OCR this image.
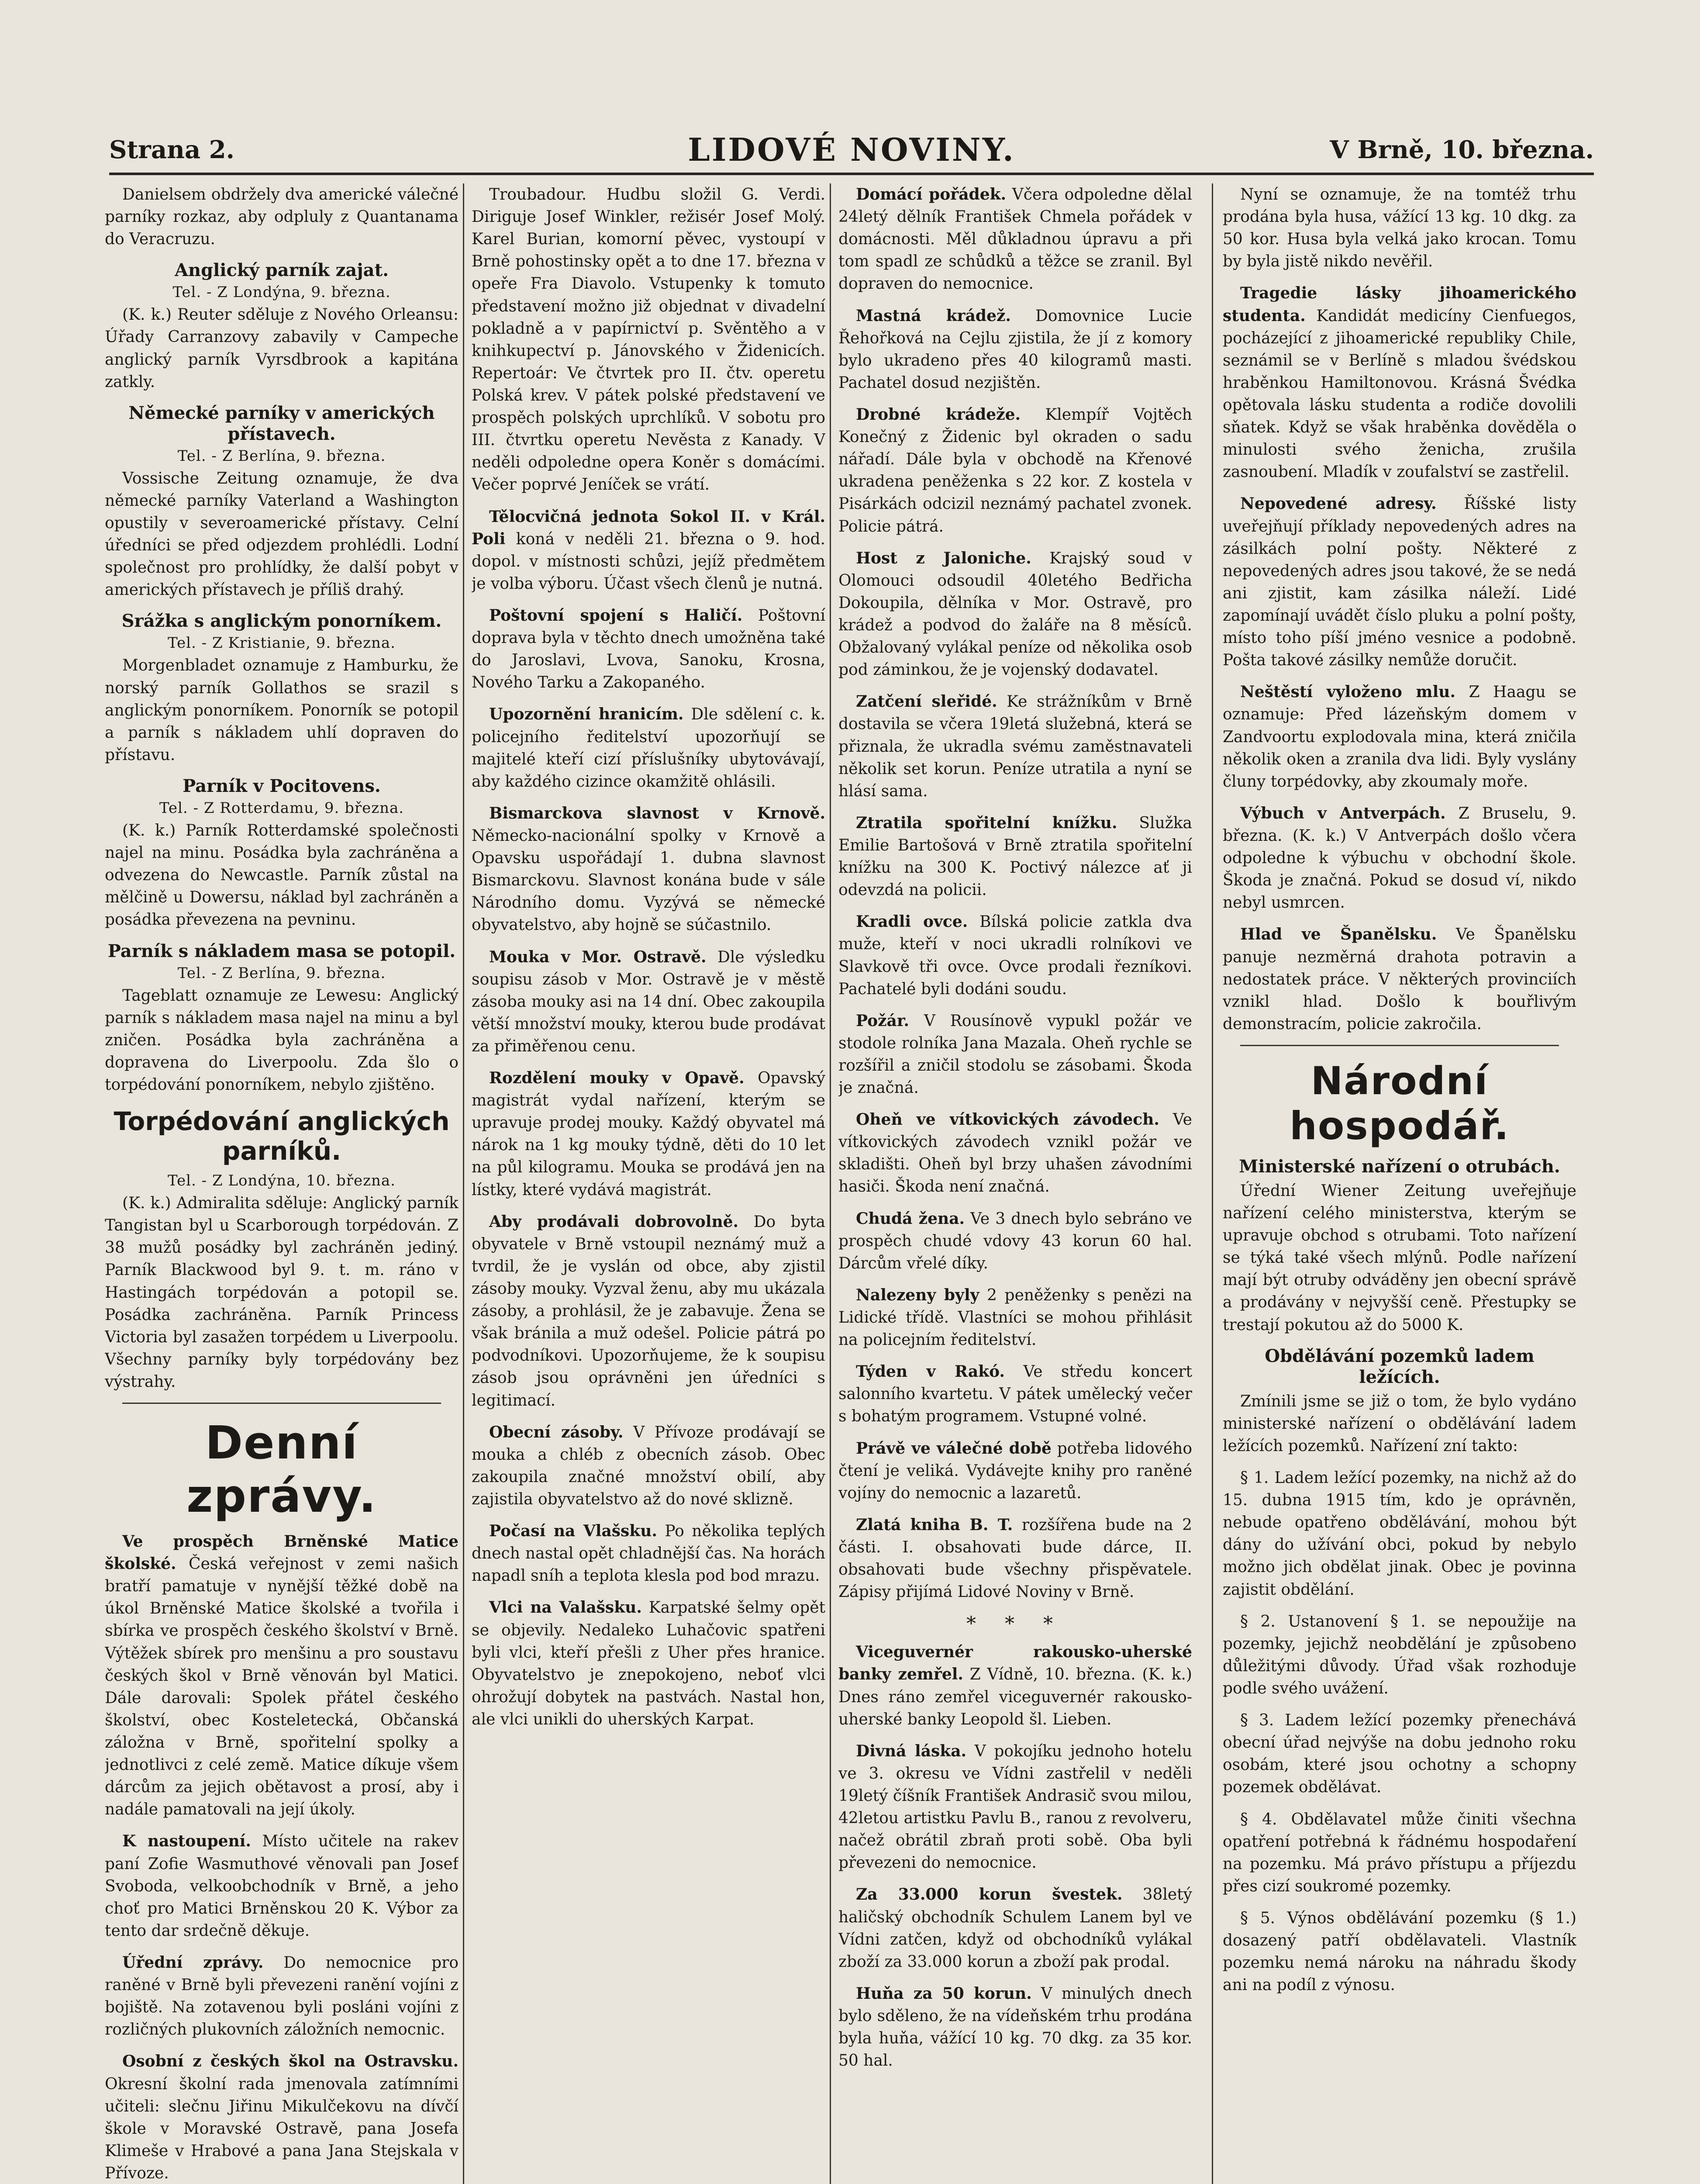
Strana 2.	LIDOVÉ NOVINY.	V Brně, 10. března.

Danielsem obdržely dva americké válečné parníky rozkaz, aby odpluly z Quantanama do Veracruzu.

Anglický parník zajat.
Tel. - Z Londýna, 9. března.

(K. k.) Reuter sděluje z Nového Orleansu: Úřady Carranzovy zabavily v Campeche anglický parník Vyrsdbrook a kapitána zatkly.

Německé parníky v amerických přístavech.
Tel. - Z Berlína, 9. března.

Vossische Zeitung oznamuje, že dva německé parníky Vaterland a Washington opustily v severoamerické přístavy. Celní úředníci se před odjezdem prohlédli. Lodní společnost pro prohlídky, že další pobyt v amerických přístavech je příliš drahý.

Srážka s anglickým ponorníkem.
Tel. - Z Kristianie, 9. března.

Morgenbladet oznamuje z Hamburku, že norský parník Gollathos se srazil s anglickým ponorníkem. Ponorník se potopil a parník s nákladem uhlí dopraven do přístavu.

Parník v Pocitovens.
Tel. - Z Rotterdamu, 9. března.

(K. k.) Parník Rotterdamské společnosti najel na minu. Posádka byla zachráněna a odvezena do Newcastle. Parník zůstal na mělčině u Dowersu, náklad byl zachráněn a posádka převezena na pevninu.

Parník s nákladem masa se potopil.
Tel. - Z Berlína, 9. března.

Tageblatt oznamuje ze Lewesu: Anglický parník s nákladem masa najel na minu a byl zničen. Posádka byla zachráněna a dopravena do Liverpoolu. Zda šlo o torpédování ponorníkem, nebylo zjištěno.

Torpédování anglických parníků.
Tel. - Z Londýna, 10. března.

(K. k.) Admiralita sděluje: Anglický parník Tangistan byl u Scarborough torpédován. Z 38 mužů posádky byl zachráněn jediný. Parník Blackwood byl 9. t. m. ráno v Hastingách torpédován a potopil se. Posádka zachráněna. Parník Princess Victoria byl zasažen torpédem u Liverpoolu. Všechny parníky byly torpédovány bez výstrahy.

Denní zprávy.

Ve prospěch Brněnské Matice školské. Česká veřejnost v zemi našich bratří pamatuje v nynější těžké době na úkol Brněnské Matice školské a tvořila i sbírka ve prospěch českého školství v Brně. Výtěžek sbírek pro menšinu a pro soustavu českých škol v Brně věnován byl Matici. Dále darovali: Spolek přátel českého školství, obec Kosteletecká, Občanská záložna v Brně, spořitelní spolky a jednotlivci z celé země. Matice díkuje všem dárcům za jejich obětavost a prosí, aby i nadále pamatovali na její úkoly.

K nastoupení. Místo učitele na rakev paní Zofie Wasmuthové věnovali pan Josef Svoboda, velkoobchodník v Brně, a jeho choť pro Matici Brněnskou 20 K. Výbor za tento dar srdečně děkuje.

Úřední zprávy. Do nemocnice pro raněné v Brně byli převezeni ranění vojíni z bojiště. Na zotavenou byli posláni vojíni z rozličných plukovních záložních nemocnic.

Osobní z českých škol na Ostravsku. Okresní školní rada jmenovala zatímními učiteli: slečnu Jiřinu Mikulčekovu na dívčí škole v Moravské Ostravě, pana Josefa Klimeše v Hrabové a pana Jana Stejskala v Přívoze.

Troubadour. Hudbu složil G. Verdi. Diriguje Josef Winkler, režisér Josef Molý. Karel Burian, komorní pěvec, vystoupí v Brně pohostinsky opět a to dne 17. března v opeře Fra Diavolo. Vstupenky k tomuto představení možno již objednat v divadelní pokladně a v papírnictví p. Svěntěho a v knihkupectví p. Jánovského v Židenicích. Repertoár: Ve čtvrtek pro II. čtv. operetu Polská krev. V pátek polské představení ve prospěch polských uprchlíků. V sobotu pro III. čtvrtku operetu Nevěsta z Kanady. V neděli odpoledne opera Koněr s domácími. Večer poprvé Jeníček se vrátí.

Tělocvičná jednota Sokol II. v Král. Poli koná v neděli 21. března o 9. hod. dopol. v místnosti schůzi, jejíž předmětem je volba výboru. Účast všech členů je nutná.

Poštovní spojení s Haličí. Poštovní doprava byla v těchto dnech umožněna také do Jaroslavi, Lvova, Sanoku, Krosna, Nového Tarku a Zakopaného.

Upozornění hranicím. Dle sdělení c. k. policejního ředitelství upozorňují se majitelé kteří cizí příslušníky ubytovávají, aby každého cizince okamžitě ohlásili.

Bismarckova slavnost v Krnově. Německo-nacionální spolky v Krnově a Opavsku uspořádají 1. dubna slavnost Bismarckovu. Slavnost konána bude v sále Národního domu. Vyzývá se německé obyvatelstvo, aby hojně se súčastnilo.

Mouka v Mor. Ostravě. Dle výsledku soupisu zásob v Mor. Ostravě je v městě zásoba mouky asi na 14 dní. Obec zakoupila větší množství mouky, kterou bude prodávat za přiměřenou cenu.

Rozdělení mouky v Opavě. Opavský magistrát vydal nařízení, kterým se upravuje prodej mouky. Každý obyvatel má nárok na 1 kg mouky týdně, děti do 10 let na půl kilogramu. Mouka se prodává jen na lístky, které vydává magistrát.

Aby prodávali dobrovolně. Do byta obyvatele v Brně vstoupil neznámý muž a tvrdil, že je vyslán od obce, aby zjistil zásoby mouky. Vyzval ženu, aby mu ukázala zásoby, a prohlásil, že je zabavuje. Žena se však bránila a muž odešel. Policie pátrá po podvodníkovi. Upozorňujeme, že k soupisu zásob jsou oprávněni jen úředníci s legitimací.

Obecní zásoby. V Přívoze prodávají se mouka a chléb z obecních zásob. Obec zakoupila značné množství obilí, aby zajistila obyvatelstvo až do nové sklizně.

Počasí na Vlašsku. Po několika teplých dnech nastal opět chladnější čas. Na horách napadl sníh a teplota klesla pod bod mrazu.

Vlci na Valašsku. Karpatské šelmy opět se objevily. Nedaleko Luhačovic spatřeni byli vlci, kteří přešli z Uher přes hranice. Obyvatelstvo je znepokojeno, neboť vlci ohrožují dobytek na pastvách. Nastal hon, ale vlci unikli do uherských Karpat.

Domácí pořádek. Včera odpoledne dělal 24letý dělník František Chmela pořádek v domácnosti. Měl důkladnou úpravu a při tom spadl ze schůdků a těžce se zranil. Byl dopraven do nemocnice.

Mastná krádež. Domovnice Lucie Řehořková na Cejlu zjistila, že jí z komory bylo ukradeno přes 40 kilogramů masti. Pachatel dosud nezjištěn.

Drobné krádeže. Klempíř Vojtěch Konečný z Židenic byl okraden o sadu nářadí. Dále byla v obchodě na Křenové ukradena peněženka s 22 kor. Z kostela v Pisárkách odcizil neznámý pachatel zvonek. Policie pátrá.

Host z Jaloniche. Krajský soud v Olomouci odsoudil 40letého Bedřicha Dokoupila, dělníka v Mor. Ostravě, pro krádež a podvod do žaláře na 8 měsíců. Obžalovaný vylákal peníze od několika osob pod záminkou, že je vojenský dodavatel.

Zatčení sleřidé. Ke strážníkům v Brně dostavila se včera 19letá služebná, která se přiznala, že ukradla svému zaměstnavateli několik set korun. Peníze utratila a nyní se hlásí sama.

Ztratila spořitelní knížku. Služka Emilie Bartošová v Brně ztratila spořitelní knížku na 300 K. Poctivý nálezce ať ji odevzdá na policii.

Kradli ovce. Bílská policie zatkla dva muže, kteří v noci ukradli rolníkovi ve Slavkově tři ovce. Ovce prodali řezníkovi. Pachatelé byli dodáni soudu.

Požár. V Rousínově vypukl požár ve stodole rolníka Jana Mazala. Oheň rychle se rozšířil a zničil stodolu se zásobami. Škoda je značná.

Oheň ve vítkovických závodech. Ve vítkovických závodech vznikl požár ve skladišti. Oheň byl brzy uhašen závodními hasiči. Škoda není značná.

Chudá žena. Ve 3 dnech bylo sebráno ve prospěch chudé vdovy 43 korun 60 hal. Dárcům vřelé díky.

Nalezeny byly 2 peněženky s penězi na Lidické třídě. Vlastníci se mohou přihlásit na policejním ředitelství.

Týden v Rakó. Ve středu koncert salonního kvartetu. V pátek umělecký večer s bohatým programem. Vstupné volné.

Právě ve válečné době potřeba lidového čtení je veliká. Vydávejte knihy pro raněné vojíny do nemocnic a lazaretů.

Zlatá kniha B. T. rozšířena bude na 2 části. I. obsahovati bude dárce, II. obsahovati bude všechny přispěvatele. Zápisy přijímá Lidové Noviny v Brně.

* * *

Viceguvernér rakousko-uherské banky zemřel. Z Vídně, 10. března. (K. k.) Dnes ráno zemřel viceguvernér rakousko-uherské banky Leopold šl. Lieben.

Divná láska. V pokojíku jednoho hotelu ve 3. okresu ve Vídni zastřelil v neděli 19letý číšník František Andrasič svou milou, 42letou artistku Pavlu B., ranou z revolveru, načež obrátil zbraň proti sobě. Oba byli převezeni do nemocnice.

Za 33.000 korun švestek. 38letý haličský obchodník Schulem Lanem byl ve Vídni zatčen, když od obchodníků vylákal zboží za 33.000 korun a zboží pak prodal.

Huňa za 50 korun. V minulých dnech bylo sděleno, že na vídeňském trhu prodána byla huňa, vážící 10 kg. 70 dkg. za 35 kor. 50 hal.

Nyní se oznamuje, že na tomtéž trhu prodána byla husa, vážící 13 kg. 10 dkg. za 50 kor. Husa byla velká jako krocan. Tomu by byla jistě nikdo nevěřil.

Tragedie lásky jihoamerického studenta. Kandidát medicíny Cienfuegos, pocházející z jihoamerické republiky Chile, seznámil se v Berlíně s mladou švédskou hraběnkou Hamiltonovou. Krásná Švédka opětovala lásku studenta a rodiče dovolili sňatek. Když se však hraběnka dověděla o minulosti svého ženicha, zrušila zasnoubení. Mladík v zoufalství se zastřelil.

Nepovedené adresy. Říšské listy uveřejňují příklady nepovedených adres na zásilkách polní pošty. Některé z nepovedených adres jsou takové, že se nedá ani zjistit, kam zásilka náleží. Lidé zapomínají uvádět číslo pluku a polní pošty, místo toho píší jméno vesnice a podobně. Pošta takové zásilky nemůže doručit.

Neštěstí vyloženo mlu. Z Haagu se oznamuje: Před lázeňským domem v Zandvoortu explodovala mina, která zničila několik oken a zranila dva lidi. Byly vyslány čluny torpédovky, aby zkoumaly moře.

Výbuch v Antverpách. Z Bruselu, 9. března. (K. k.) V Antverpách došlo včera odpoledne k výbuchu v obchodní škole. Škoda je značná. Pokud se dosud ví, nikdo nebyl usmrcen.

Hlad ve Španělsku. Ve Španělsku panuje nezměrná drahota potravin a nedostatek práce. V některých provinciích vznikl hlad. Došlo k bouřlivým demonstracím, policie zakročila.

Národní hospodář.
Ministerské nařízení o otrubách.

Úřední Wiener Zeitung uveřejňuje nařízení celého ministerstva, kterým se upravuje obchod s otrubami. Toto nařízení se týká také všech mlýnů. Podle nařízení mají být otruby odváděny jen obecní správě a prodávány v nejvyšší ceně. Přestupky se trestají pokutou až do 5000 K.

Obdělávání pozemků ladem ležících.

Zmínili jsme se již o tom, že bylo vydáno ministerské nařízení o obdělávání ladem ležících pozemků. Nařízení zní takto:

§ 1. Ladem ležící pozemky, na nichž až do 15. dubna 1915 tím, kdo je oprávněn, nebude opatřeno obdělávání, mohou být dány do užívání obci, pokud by nebylo možno jich obdělat jinak. Obec je povinna zajistit obdělání.

§ 2. Ustanovení § 1. se nepoužije na pozemky, jejichž neobdělání je způsobeno důležitými důvody. Úřad však rozhoduje podle svého uvážení.

§ 3. Ladem ležící pozemky přenechává obecní úřad nejvýše na dobu jednoho roku osobám, které jsou ochotny a schopny pozemek obdělávat.

§ 4. Obdělavatel může činiti všechna opatření potřebná k řádnému hospodaření na pozemku. Má právo přístupu a příjezdu přes cizí soukromé pozemky.

§ 5. Výnos obdělávání pozemku (§ 1.) dosazený patří obdělavateli. Vlastník pozemku nemá nároku na náhradu škody ani na podíl z výnosu.
